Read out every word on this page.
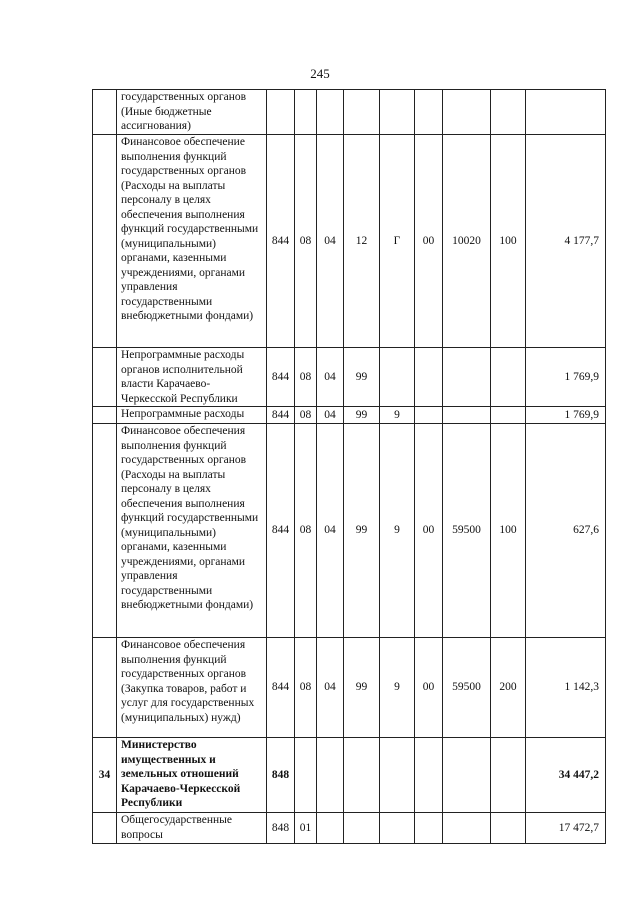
245
	государственных органов (Иные бюджетные ассигнования)									
	Финансовое обеспечение выполнения функций государственных органов (Расходы на выплаты персоналу в целях обеспечения выполнения функций государственными (муниципальными) органами, казенными учреждениями, органами управления государственными внебюджетными фондами)	844	08	04	12	Г	00	10020	100	4 177,7
	Непрограммные расходы органов исполнительной власти Карачаево-Черкесской Республики	844	08	04	99					1 769,9
	Непрограммные расходы	844	08	04	99	9				1 769,9
	Финансовое обеспечения выполнения функций государственных органов (Расходы на выплаты персоналу в целях обеспечения выполнения функций государственными (муниципальными) органами, казенными учреждениями, органами управления государственными внебюджетными фондами)	844	08	04	99	9	00	59500	100	627,6
	Финансовое обеспечения выполнения функций государственных органов (Закупка товаров, работ и услуг для государственных (муниципальных) нужд)	844	08	04	99	9	00	59500	200	1 142,3
34	Министерство имущественных и земельных отношений Карачаево-Черкесской Республики	848								34 447,2
	Общегосударственные вопросы	848	01							17 472,7
